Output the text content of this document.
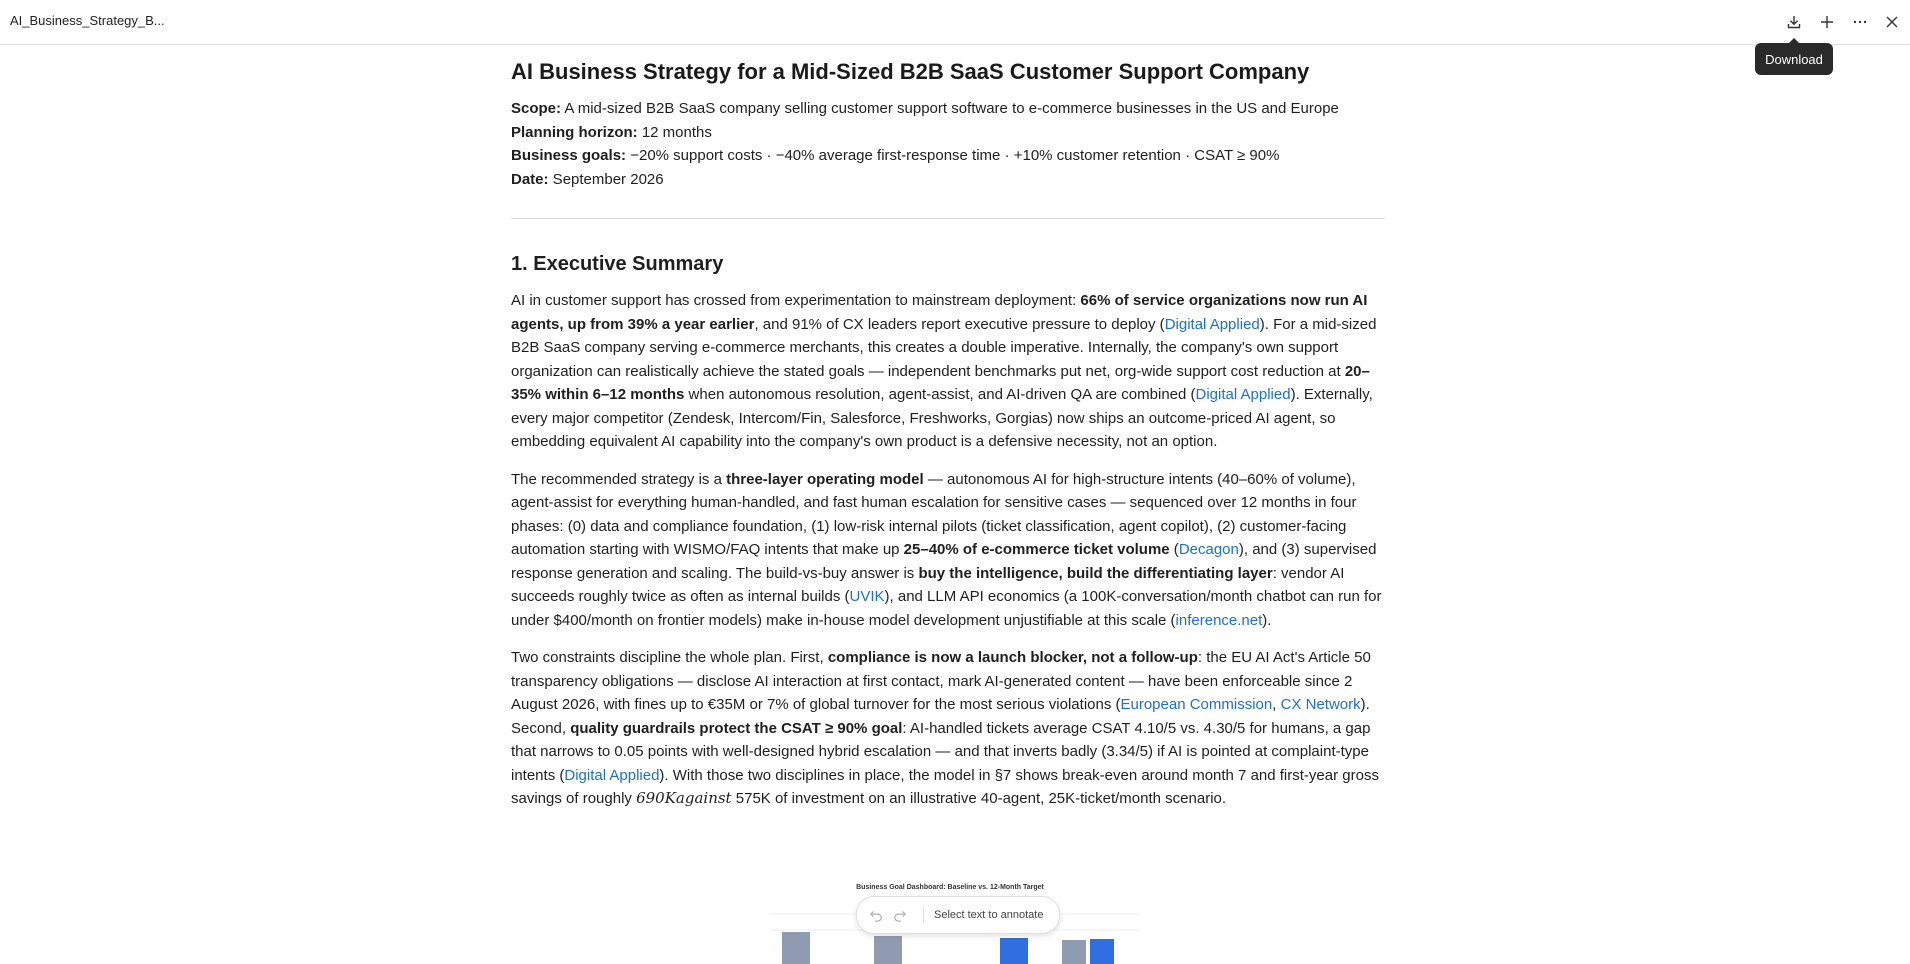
AI_Business_Strategy_B...
Download
AI Business Strategy for a Mid-Sized B2B SaaS Customer Support Company

Scope: A mid-sized B2B SaaS company selling customer support software to e-commerce businesses in the US and Europe

Planning horizon: 12 months

Business goals: −20% support costs · −40% average first-response time · +10% customer retention · CSAT ≥ 90%

Date: September 2026

1. Executive Summary

AI in customer support has crossed from experimentation to mainstream deployment: 66% of service organizations now run AI agents, up from 39% a year earlier, and 91% of CX leaders report executive pressure to deploy (Digital Applied). For a mid-sized B2B SaaS company serving e-commerce merchants, this creates a double imperative. Internally, the company's own support organization can realistically achieve the stated goals — independent benchmarks put net, org-wide support cost reduction at 20–35% within 6–12 months when autonomous resolution, agent-assist, and AI-driven QA are combined (Digital Applied). Externally, every major competitor (Zendesk, Intercom/Fin, Salesforce, Freshworks, Gorgias) now ships an outcome-priced AI agent, so embedding equivalent AI capability into the company's own product is a defensive necessity, not an option.

The recommended strategy is a three-layer operating model — autonomous AI for high-structure intents (40–60% of volume), agent-assist for everything human-handled, and fast human escalation for sensitive cases — sequenced over 12 months in four phases: (0) data and compliance foundation, (1) low-risk internal pilots (ticket classification, agent copilot), (2) customer-facing automation starting with WISMO/FAQ intents that make up 25–40% of e-commerce ticket volume (Decagon), and (3) supervised response generation and scaling. The build-vs-buy answer is buy the intelligence, build the differentiating layer: vendor AI succeeds roughly twice as often as internal builds (UVIK), and LLM API economics (a 100K-conversation/month chatbot can run for under $400/month on frontier models) make in-house model development unjustifiable at this scale (inference.net).

Two constraints discipline the whole plan. First, compliance is now a launch blocker, not a follow-up: the EU AI Act's Article 50 transparency obligations — disclose AI interaction at first contact, mark AI-generated content — have been enforceable since 2 August 2026, with fines up to €35M or 7% of global turnover for the most serious violations (European Commission, CX Network). Second, quality guardrails protect the CSAT ≥ 90% goal: AI-handled tickets average CSAT 4.10/5 vs. 4.30/5 for humans, a gap that narrows to 0.05 points with well-designed hybrid escalation — and that inverts badly (3.34/5) if AI is pointed at complaint-type intents (Digital Applied). With those two disciplines in place, the model in §7 shows break-even around month 7 and first-year gross savings of roughly 690Kagainst 575K of investment on an illustrative 40-agent, 25K-ticket/month scenario.

Business Goal Dashboard: Baseline vs. 12-Month Target
Select text to annotate
